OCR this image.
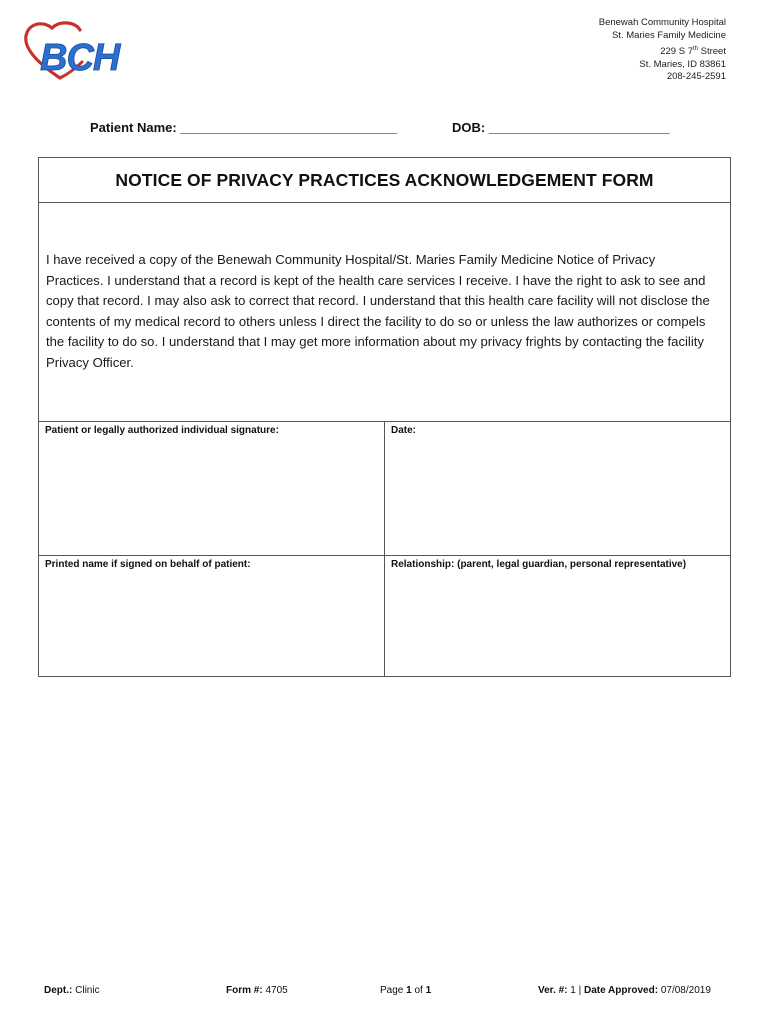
BCH
Benewah Community Hospital
St. Maries Family Medicine
229 S 7th Street
St. Maries, ID 83861
208-245-2591
Patient Name: ______________________________	DOB: _________________________
NOTICE OF PRIVACY PRACTICES ACKNOWLEDGEMENT FORM

I have received a copy of the Benewah Community Hospital/St. Maries Family Medicine Notice of Privacy Practices. I understand that a record is kept of the health care services I receive. I have the right to ask to see and copy that record. I may also ask to correct that record. I understand that this health care facility will not disclose the contents of my medical record to others unless I direct the facility to do so or unless the law authorizes or compels the facility to do so. I understand that I may get more information about my privacy frights by contacting the facility Privacy Officer.

Patient or legally authorized individual signature:	Date:
Printed name if signed on behalf of patient:	Relationship: (parent, legal guardian, personal representative)
Dept.: Clinic	Form #: 4705	Page 1 of 1	Ver. #: 1 | Date Approved: 07/08/2019
